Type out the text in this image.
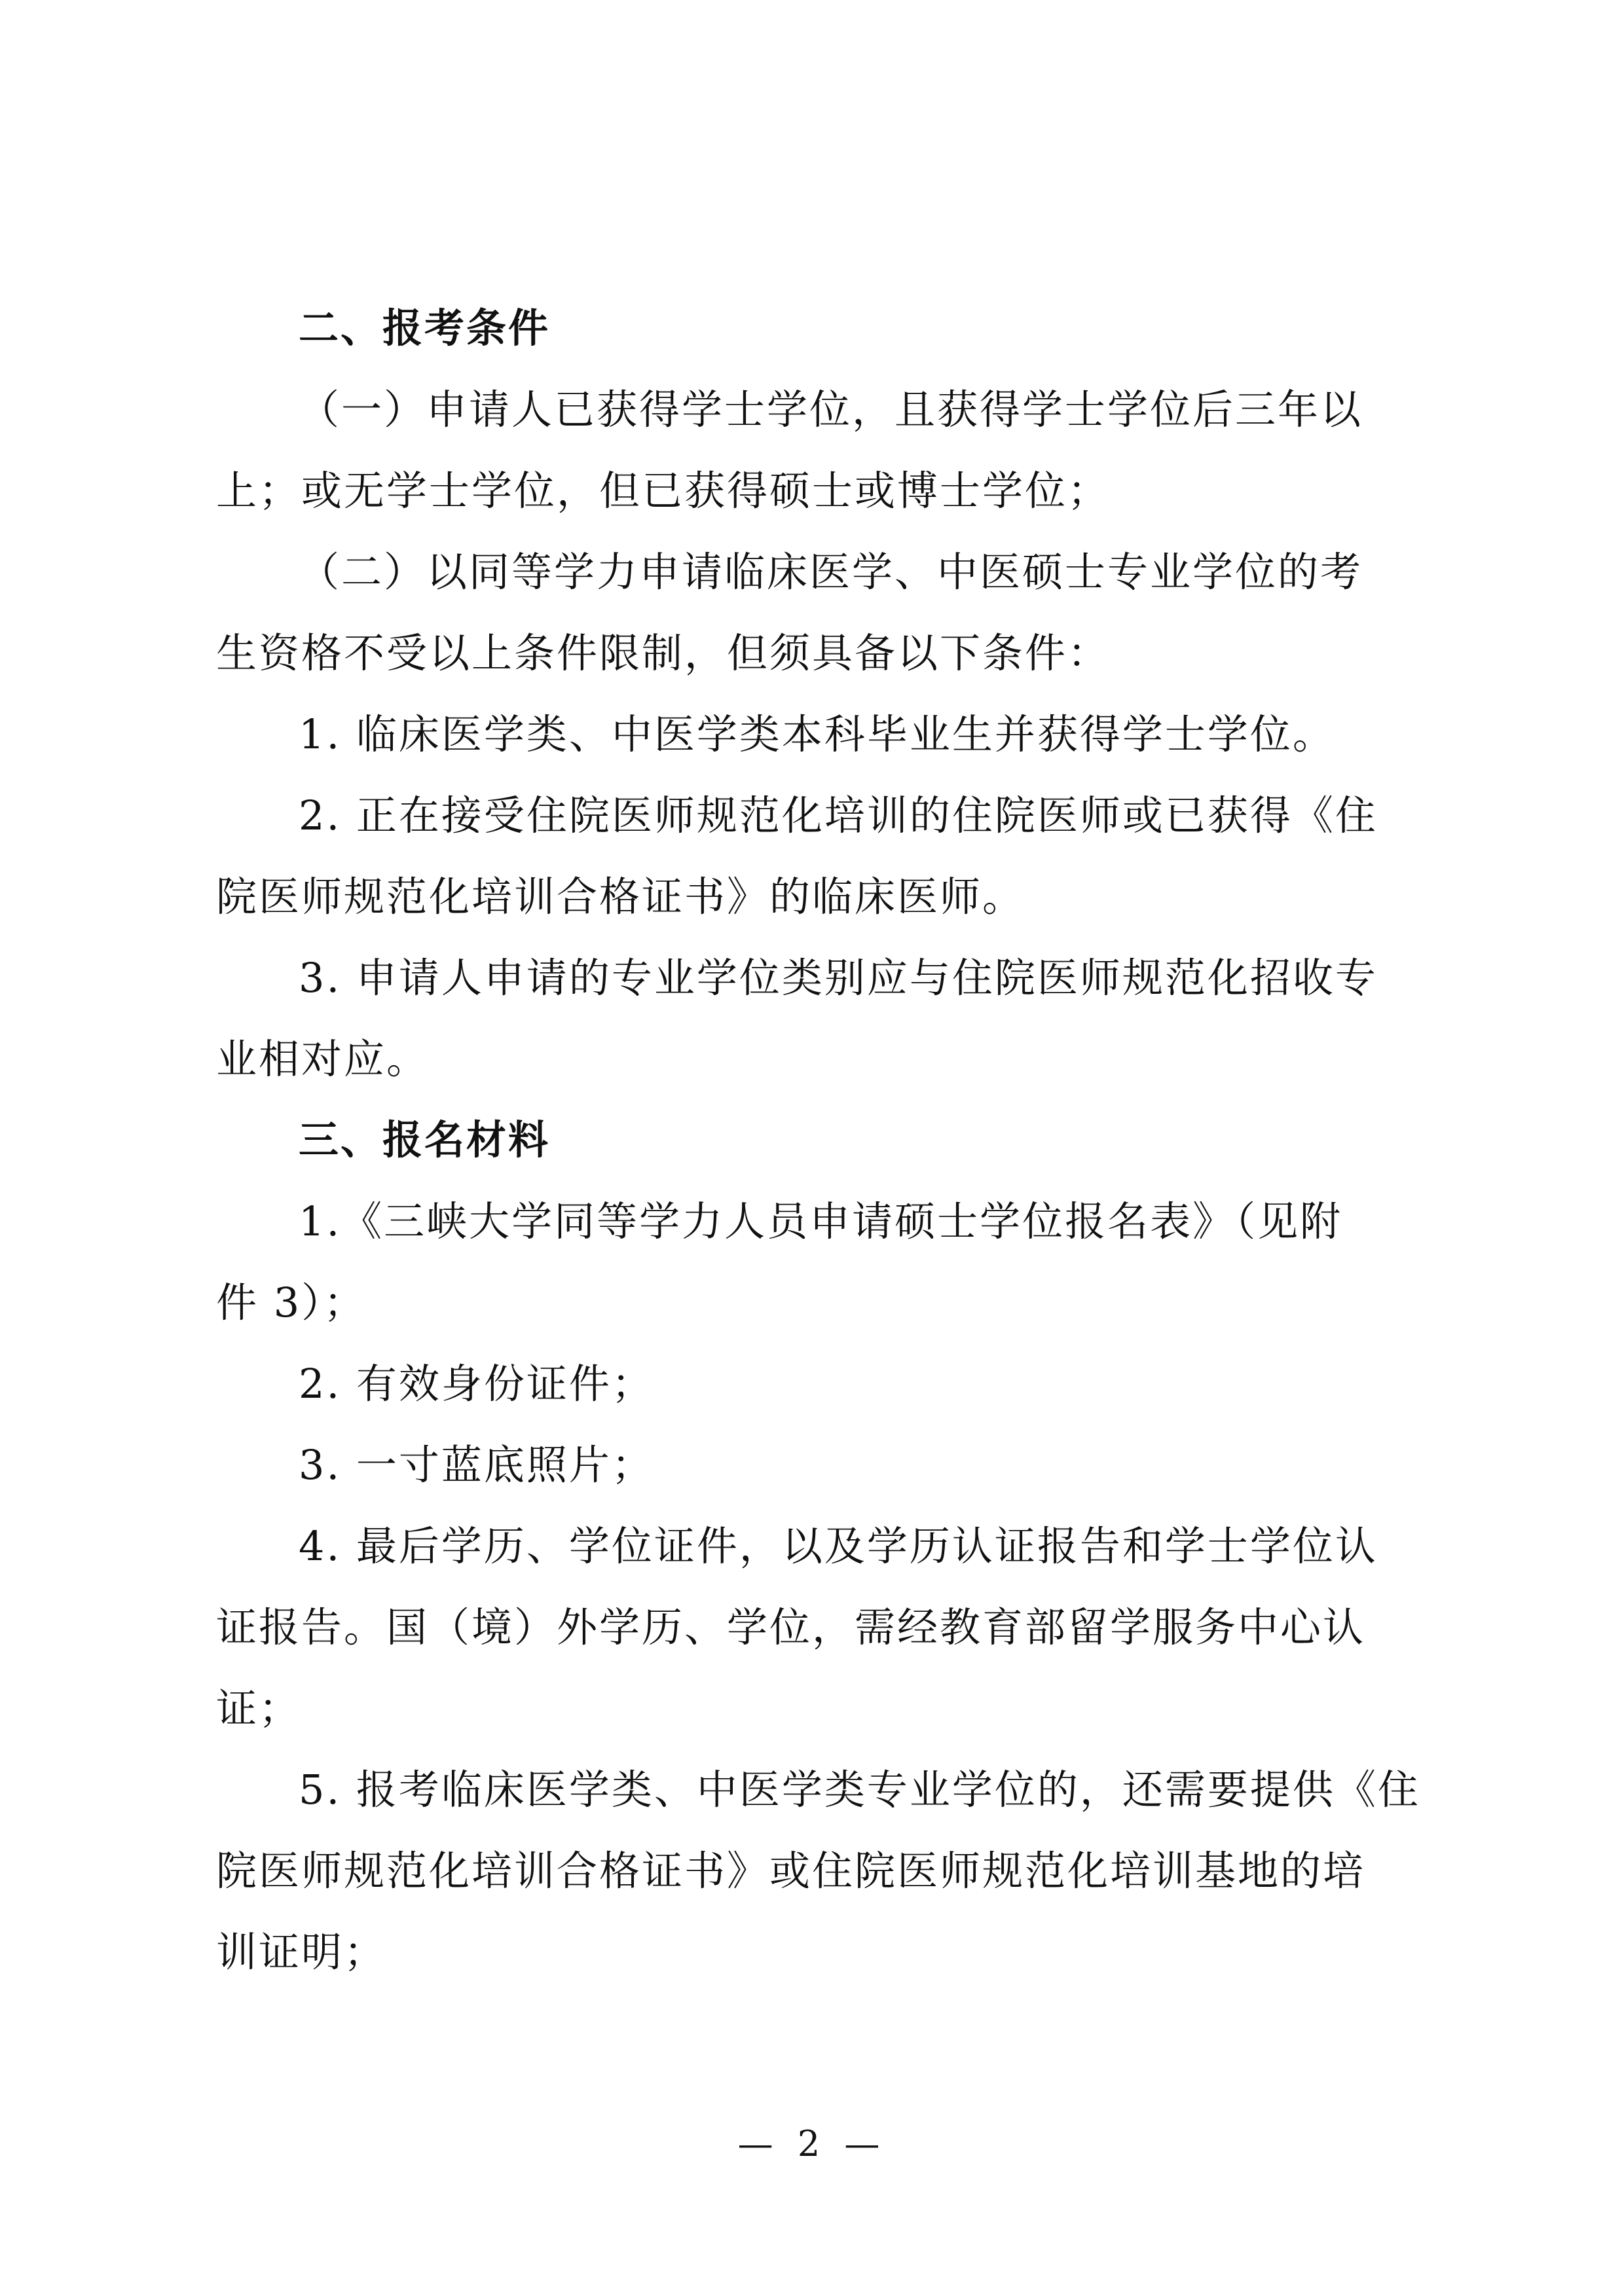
二、报考条件
（一）申请人已获得学士学位，且获得学士学位后三年以
上；或无学士学位，但已获得硕士或博士学位；
（二）以同等学力申请临床医学、中医硕士专业学位的考
生资格不受以上条件限制，但须具备以下条件：
1. 临床医学类、中医学类本科毕业生并获得学士学位。
2. 正在接受住院医师规范化培训的住院医师或已获得《住
院医师规范化培训合格证书》的临床医师。
3. 申请人申请的专业学位类别应与住院医师规范化招收专
业相对应。
三、报名材料
1.《三峡大学同等学力人员申请硕士学位报名表》（见附
件 3）；
2. 有效身份证件；
3. 一寸蓝底照片；
4. 最后学历、学位证件，以及学历认证报告和学士学位认
证报告。国（境）外学历、学位，需经教育部留学服务中心认
证；
5. 报考临床医学类、中医学类专业学位的，还需要提供《住
院医师规范化培训合格证书》或住院医师规范化培训基地的培
训证明；
— 2 —
